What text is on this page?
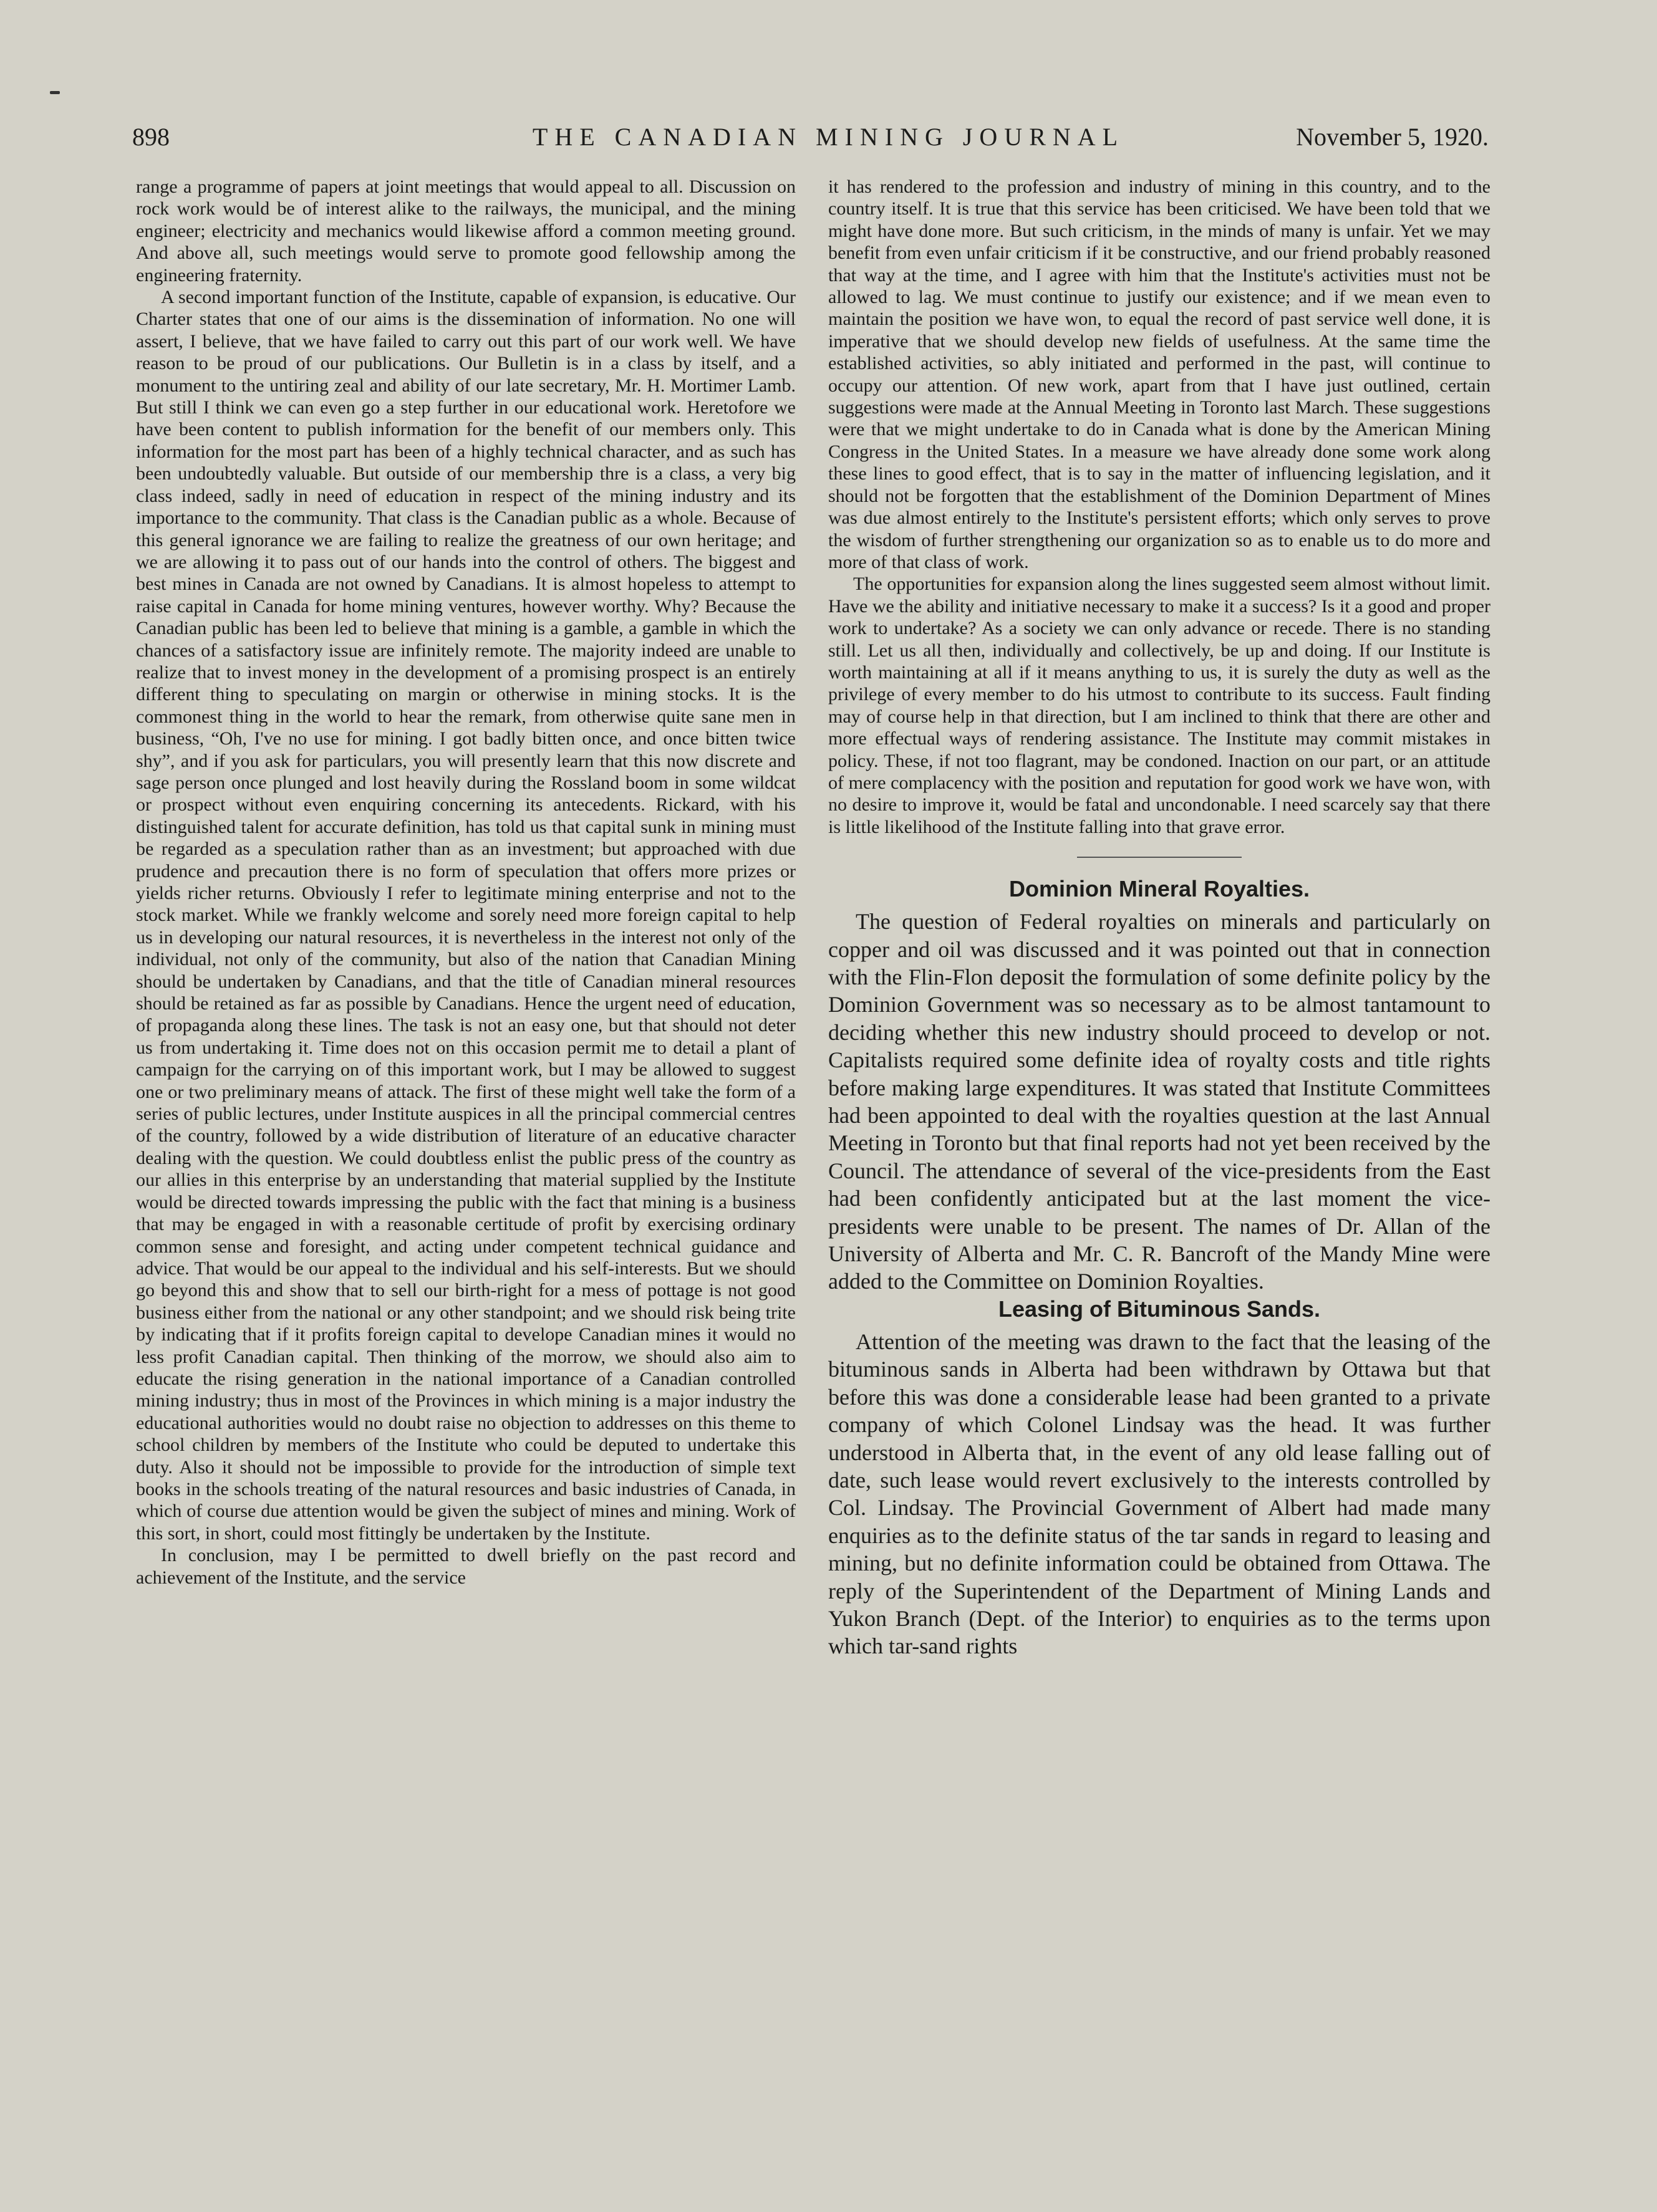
898	THE CANADIAN MINING JOURNAL	November 5, 1920.

range a programme of papers at joint meetings that would appeal to all. Discussion on rock work would be of interest alike to the railways, the municipal, and the mining engineer; electricity and mechanics would likewise afford a common meeting ground. And above all, such meetings would serve to promote good fellowship among the engineering fraternity.

A second important function of the Institute, capable of expansion, is educative. Our Charter states that one of our aims is the dissemination of information. No one will assert, I believe, that we have failed to carry out this part of our work well. We have reason to be proud of our publications. Our Bulletin is in a class by itself, and a monument to the untiring zeal and ability of our late secretary, Mr. H. Mortimer Lamb. But still I think we can even go a step further in our educational work. Heretofore we have been content to publish information for the benefit of our members only. This information for the most part has been of a highly technical character, and as such has been undoubtedly valuable. But outside of our membership thre is a class, a very big class indeed, sadly in need of education in respect of the mining industry and its importance to the community. That class is the Canadian public as a whole. Because of this general ignorance we are failing to realize the greatness of our own heritage; and we are allowing it to pass out of our hands into the control of others. The biggest and best mines in Canada are not owned by Canadians. It is almost hopeless to attempt to raise capital in Canada for home mining ventures, however worthy. Why? Because the Canadian public has been led to believe that mining is a gamble, a gamble in which the chances of a satisfactory issue are infinitely remote. The majority indeed are unable to realize that to invest money in the development of a promising prospect is an entirely different thing to speculating on margin or otherwise in mining stocks. It is the commonest thing in the world to hear the remark, from otherwise quite sane men in business, “Oh, I've no use for mining. I got badly bitten once, and once bitten twice shy”, and if you ask for particulars, you will presently learn that this now discrete and sage person once plunged and lost heavily during the Rossland boom in some wildcat or prospect without even enquiring concerning its antecedents. Rickard, with his distinguished talent for accurate definition, has told us that capital sunk in mining must be regarded as a speculation rather than as an investment; but approached with due prudence and precaution there is no form of speculation that offers more prizes or yields richer returns. Obviously I refer to legitimate mining enterprise and not to the stock market. While we frankly welcome and sorely need more foreign capital to help us in developing our natural resources, it is nevertheless in the interest not only of the individual, not only of the community, but also of the nation that Canadian Mining should be undertaken by Canadians, and that the title of Canadian mineral resources should be retained as far as possible by Canadians. Hence the urgent need of education, of propaganda along these lines. The task is not an easy one, but that should not deter us from undertaking it. Time does not on this occasion permit me to detail a plant of campaign for the carrying on of this important work, but I may be allowed to suggest one or two preliminary means of attack. The first of these might well take the form of a series of public lectures, under Institute auspices in all the principal commercial centres of the country, followed by a wide distribution of literature of an educative character dealing with the question. We could doubtless enlist the public press of the country as our allies in this enterprise by an understanding that material supplied by the Institute would be directed towards impressing the public with the fact that mining is a business that may be engaged in with a reasonable certitude of profit by exercising ordinary common sense and foresight, and acting under competent technical guidance and advice. That would be our appeal to the individual and his self-interests. But we should go beyond this and show that to sell our birth-right for a mess of pottage is not good business either from the national or any other standpoint; and we should risk being trite by indicating that if it profits foreign capital to develope Canadian mines it would no less profit Canadian capital. Then thinking of the morrow, we should also aim to educate the rising generation in the national importance of a Canadian controlled mining industry; thus in most of the Provinces in which mining is a major industry the educational authorities would no doubt raise no objection to addresses on this theme to school children by members of the Institute who could be deputed to undertake this duty. Also it should not be impossible to provide for the introduction of simple text books in the schools treating of the natural resources and basic industries of Canada, in which of course due attention would be given the subject of mines and mining. Work of this sort, in short, could most fittingly be undertaken by the Institute.

In conclusion, may I be permitted to dwell briefly on the past record and achievement of the Institute, and the service

it has rendered to the profession and industry of mining in this country, and to the country itself. It is true that this service has been criticised. We have been told that we might have done more. But such criticism, in the minds of many is unfair. Yet we may benefit from even unfair criticism if it be constructive, and our friend probably reasoned that way at the time, and I agree with him that the Institute's activities must not be allowed to lag. We must continue to justify our existence; and if we mean even to maintain the position we have won, to equal the record of past service well done, it is imperative that we should develop new fields of usefulness. At the same time the established activities, so ably initiated and performed in the past, will continue to occupy our attention. Of new work, apart from that I have just outlined, certain suggestions were made at the Annual Meeting in Toronto last March. These suggestions were that we might undertake to do in Canada what is done by the American Mining Congress in the United States. In a measure we have already done some work along these lines to good effect, that is to say in the matter of influencing legislation, and it should not be forgotten that the establishment of the Dominion Department of Mines was due almost entirely to the Institute's persistent efforts; which only serves to prove the wisdom of further strengthening our organization so as to enable us to do more and more of that class of work.

The opportunities for expansion along the lines suggested seem almost without limit. Have we the ability and initiative necessary to make it a success? Is it a good and proper work to undertake? As a society we can only advance or recede. There is no standing still. Let us all then, individually and collectively, be up and doing. If our Institute is worth maintaining at all if it means anything to us, it is surely the duty as well as the privilege of every member to do his utmost to contribute to its success. Fault finding may of course help in that direction, but I am inclined to think that there are other and more effectual ways of rendering assistance. The Institute may commit mistakes in policy. These, if not too flagrant, may be condoned. Inaction on our part, or an attitude of mere complacency with the position and reputation for good work we have won, with no desire to improve it, would be fatal and uncondonable. I need scarcely say that there is little likelihood of the Institute falling into that grave error.

Dominion Mineral Royalties.

The question of Federal royalties on minerals and particularly on copper and oil was discussed and it was pointed out that in connection with the Flin-Flon deposit the formulation of some definite policy by the Dominion Government was so necessary as to be almost tantamount to deciding whether this new industry should proceed to develop or not. Capitalists required some definite idea of royalty costs and title rights before making large expenditures. It was stated that Institute Committees had been appointed to deal with the royalties question at the last Annual Meeting in Toronto but that final reports had not yet been received by the Council. The attendance of several of the vice-presidents from the East had been confidently anticipated but at the last moment the vice-presidents were unable to be present. The names of Dr. Allan of the University of Alberta and Mr. C. R. Bancroft of the Mandy Mine were added to the Committee on Dominion Royalties.

Leasing of Bituminous Sands.

Attention of the meeting was drawn to the fact that the leasing of the bituminous sands in Alberta had been withdrawn by Ottawa but that before this was done a considerable lease had been granted to a private company of which Colonel Lindsay was the head. It was further understood in Alberta that, in the event of any old lease falling out of date, such lease would revert exclusively to the interests controlled by Col. Lindsay. The Provincial Government of Albert had made many enquiries as to the definite status of the tar sands in regard to leasing and mining, but no definite information could be obtained from Ottawa. The reply of the Superintendent of the Department of Mining Lands and Yukon Branch (Dept. of the Interior) to enquiries as to the terms upon which tar-sand rights
